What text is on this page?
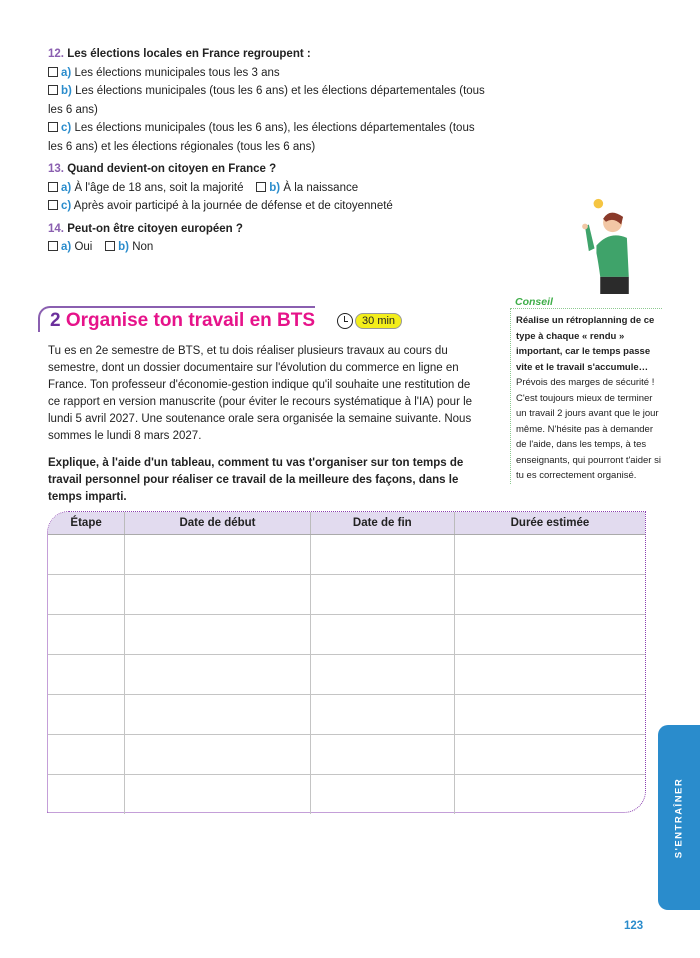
12. Les élections locales en France regroupent :
a) Les élections municipales tous les 3 ans
b) Les élections municipales (tous les 6 ans) et les élections départementales (tous les 6 ans)
c) Les élections municipales (tous les 6 ans), les élections départementales (tous les 6 ans) et les élections régionales (tous les 6 ans)
13. Quand devient-on citoyen en France ?
a) À l'âge de 18 ans, soit la majorité b) À la naissance
c) Après avoir participé à la journée de défense et de citoyenneté
14. Peut-on être citoyen européen ?
a) Oui b) Non
2 Organise ton travail en BTS	30 min
Tu es en 2e semestre de BTS, et tu dois réaliser plusieurs travaux au cours du semestre, dont un dossier documentaire sur l'évolution du commerce en ligne en France. Ton professeur d'économie-gestion indique qu'il souhaite une restitution de ce rapport en version manuscrite (pour éviter le recours systématique à l'IA) pour le lundi 5 avril 2027. Une soutenance orale sera organisée la semaine suivante. Nous sommes le lundi 8 mars 2027.
Explique, à l'aide d'un tableau, comment tu vas t'organiser sur ton temps de travail personnel pour réaliser ce travail de la meilleure des façons, dans le temps imparti.
Conseil
Réalise un rétroplanning de ce type à chaque « rendu » important, car le temps passe vite et le travail s'accumule…
Prévois des marges de sécurité ! C'est toujours mieux de terminer un travail 2 jours avant que le jour même. N'hésite pas à demander de l'aide, dans les temps, à tes enseignants, qui pourront t'aider si tu es correctement organisé.
Étape	Date de début	Date de fin	Durée estimée

S'ENTRAÎNER
123
